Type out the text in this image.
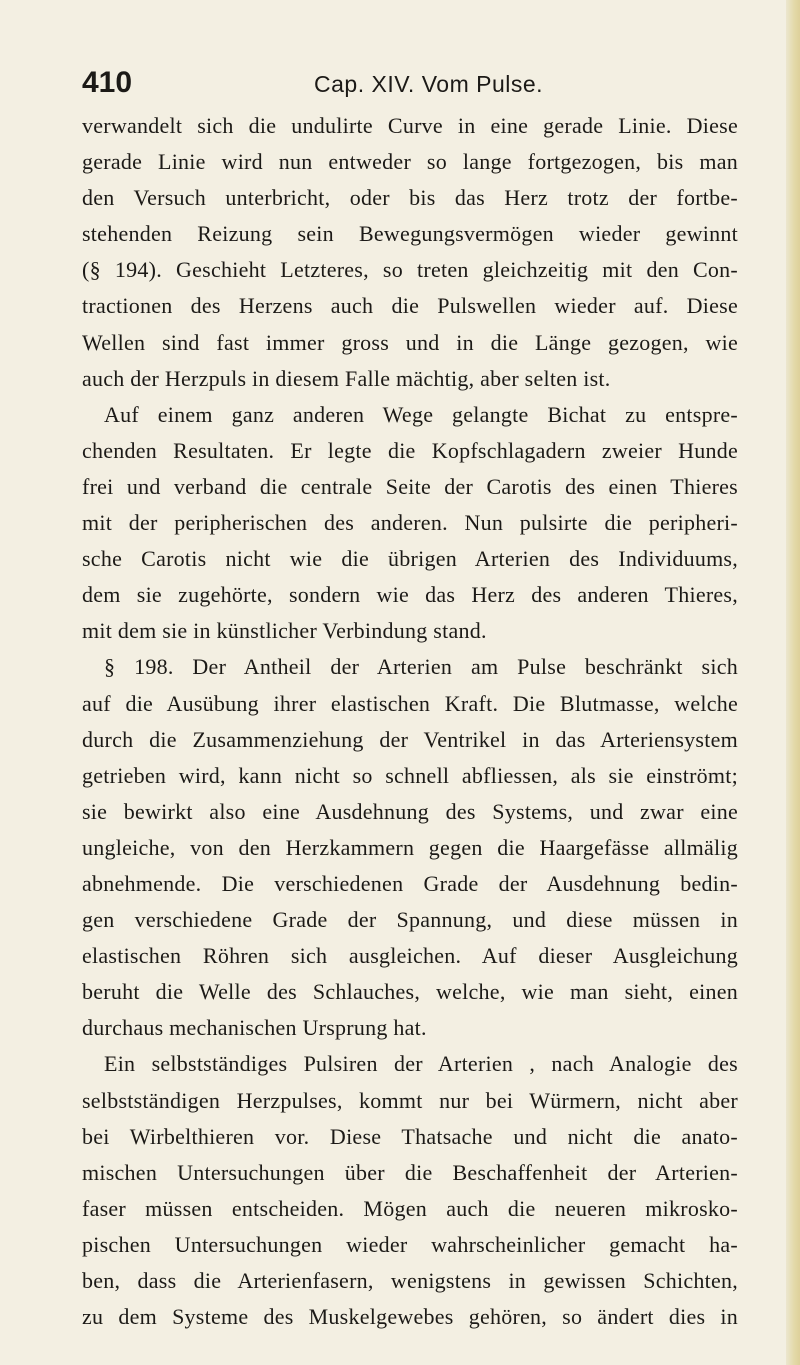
410	Cap. XIV. Vom Pulse.
verwandelt sich die undulirte Curve in eine gerade Linie. Diese
gerade Linie wird nun entweder so lange fortgezogen, bis man
den Versuch unterbricht, oder bis das Herz trotz der fortbe-
stehenden Reizung sein Bewegungsvermögen wieder gewinnt
(§ 194). Geschieht Letzteres, so treten gleichzeitig mit den Con-
tractionen des Herzens auch die Pulswellen wieder auf. Diese
Wellen sind fast immer gross und in die Länge gezogen, wie
auch der Herzpuls in diesem Falle mächtig, aber selten ist.
Auf einem ganz anderen Wege gelangte Bichat zu entspre-
chenden Resultaten. Er legte die Kopfschlagadern zweier Hunde
frei und verband die centrale Seite der Carotis des einen Thieres
mit der peripherischen des anderen. Nun pulsirte die peripheri-
sche Carotis nicht wie die übrigen Arterien des Individuums,
dem sie zugehörte, sondern wie das Herz des anderen Thieres,
mit dem sie in künstlicher Verbindung stand.
§ 198. Der Antheil der Arterien am Pulse beschränkt sich
auf die Ausübung ihrer elastischen Kraft. Die Blutmasse, welche
durch die Zusammenziehung der Ventrikel in das Arteriensystem
getrieben wird, kann nicht so schnell abfliessen, als sie einströmt;
sie bewirkt also eine Ausdehnung des Systems, und zwar eine
ungleiche, von den Herzkammern gegen die Haargefässe allmälig
abnehmende. Die verschiedenen Grade der Ausdehnung bedin-
gen verschiedene Grade der Spannung, und diese müssen in
elastischen Röhren sich ausgleichen. Auf dieser Ausgleichung
beruht die Welle des Schlauches, welche, wie man sieht, einen
durchaus mechanischen Ursprung hat.
Ein selbstständiges Pulsiren der Arterien , nach Analogie des
selbstständigen Herzpulses, kommt nur bei Würmern, nicht aber
bei Wirbelthieren vor. Diese Thatsache und nicht die anato-
mischen Untersuchungen über die Beschaffenheit der Arterien-
faser müssen entscheiden. Mögen auch die neueren mikrosko-
pischen Untersuchungen wieder wahrscheinlicher gemacht ha-
ben, dass die Arterienfasern, wenigstens in gewissen Schichten,
zu dem Systeme des Muskelgewebes gehören, so ändert dies in
